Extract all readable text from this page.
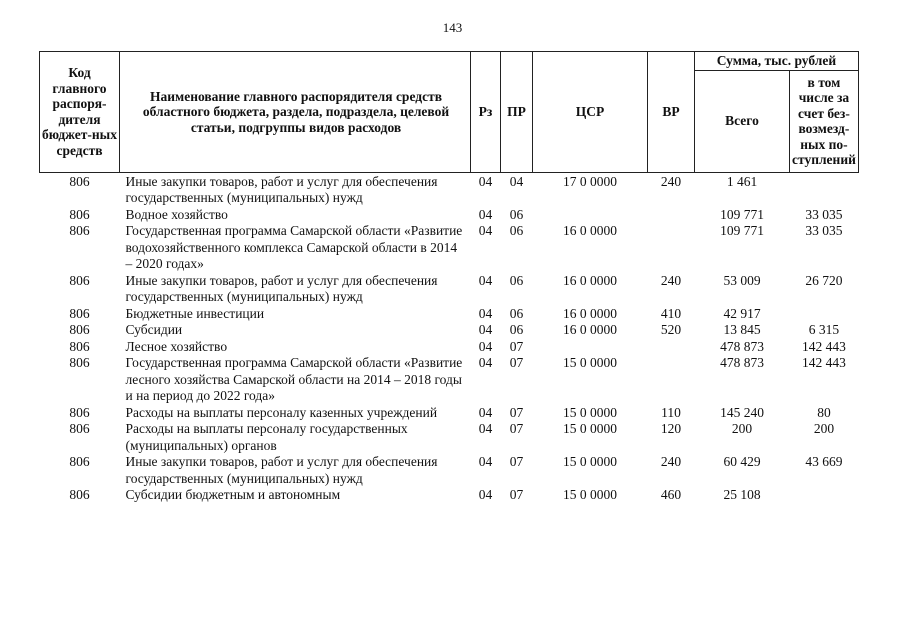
143
Код главного распоря-дителя бюджет-ных средств	Наименование главного распорядителя средств областного бюджета, раздела, подраздела, целевой статьи, подгруппы видов расходов	Рз	ПР	ЦСР	ВР	Сумма, тыс. рублей	
						Всего	в том числе за счет без-возмезд-ных по-ступлений
806	Иные закупки товаров, работ и услуг для обеспечения государственных (муниципальных) нужд	04	04	17 0 0000	240	1 461	
806	Водное хозяйство	04	06			109 771	33 035
806	Государственная программа Самарской области «Развитие водохозяйственного комплекса Самарской области в 2014 – 2020 годах»	04	06	16 0 0000		109 771	33 035
806	Иные закупки товаров, работ и услуг для обеспечения государственных (муниципальных) нужд	04	06	16 0 0000	240	53 009	26 720
806	Бюджетные инвестиции	04	06	16 0 0000	410	42 917	
806	Субсидии	04	06	16 0 0000	520	13 845	6 315
806	Лесное хозяйство	04	07			478 873	142 443
806	Государственная программа Самарской области «Развитие лесного хозяйства Самарской области на 2014 – 2018 годы и на период до 2022 года»	04	07	15 0 0000		478 873	142 443
806	Расходы на выплаты персоналу казенных учреждений	04	07	15 0 0000	110	145 240	80
806	Расходы на выплаты персоналу государственных (муниципальных) органов	04	07	15 0 0000	120	200	200
806	Иные закупки товаров, работ и услуг для обеспечения государственных (муниципальных) нужд	04	07	15 0 0000	240	60 429	43 669
806	Субсидии бюджетным и автономным	04	07	15 0 0000	460	25 108	
